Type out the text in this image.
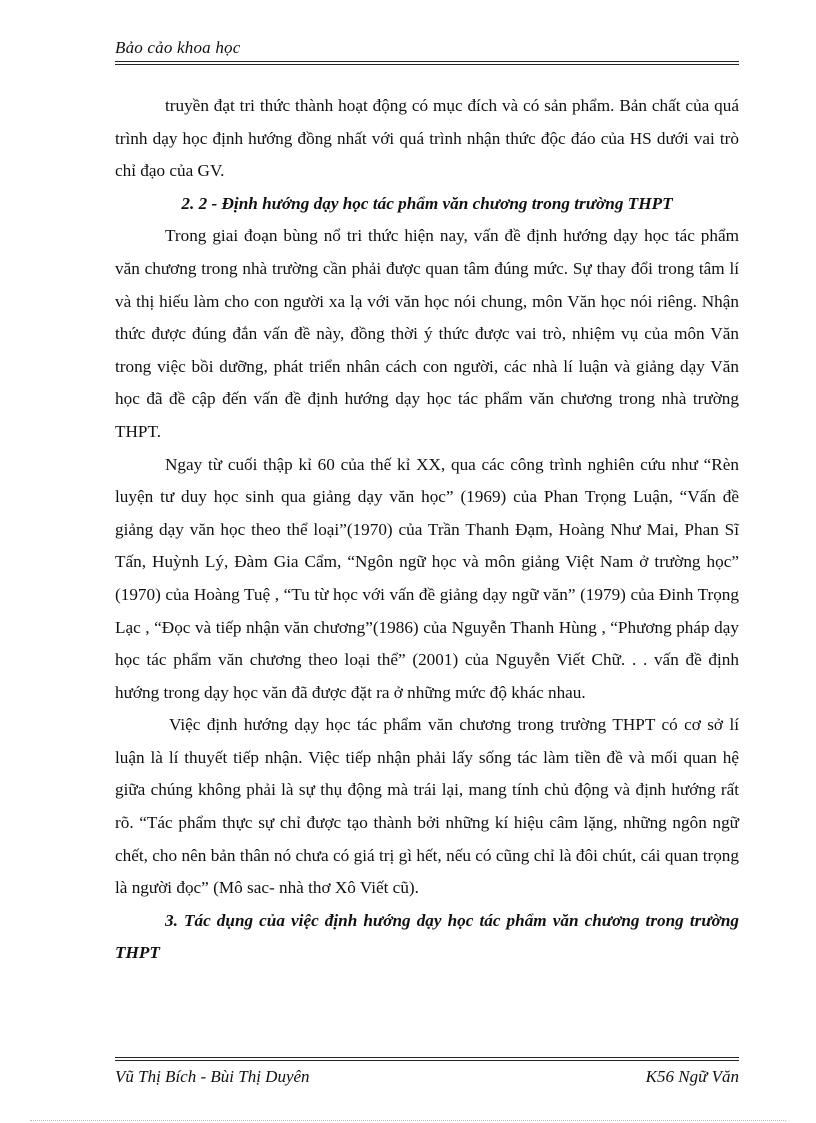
Bảo cảo khoa học

truyền đạt tri thức thành hoạt động có mục đích và có sản phẩm. Bản chất của quá trình dạy học định hướng đồng nhất với quá trình nhận thức độc đáo của HS dưới vai trò chỉ đạo của GV.

2. 2 - Định hướng dạy học tác phẩm văn chương trong trường THPT

Trong giai đoạn bùng nổ tri thức hiện nay, vấn đề định hướng dạy học tác phẩm văn chương trong nhà trường cần phải được quan tâm đúng mức. Sự thay đổi trong tâm lí và thị hiếu làm cho con người xa lạ với văn học nói chung, môn Văn học nói riêng. Nhận thức được đúng đắn vấn đề này, đồng thời ý thức được vai trò, nhiệm vụ của môn Văn trong việc bồi dưỡng, phát triển nhân cách con người, các nhà lí luận và giảng dạy Văn học đã đề cập đến vấn đề định hướng dạy học tác phẩm văn chương trong nhà trường THPT.

Ngay từ cuối thập kỉ 60 của thế kỉ XX, qua các công trình nghiên cứu như “Rèn luyện tư duy học sinh qua giảng dạy văn học” (1969) của Phan Trọng Luận, “Vấn đề giảng dạy văn học theo thể loại”(1970) của Trần Thanh Đạm, Hoàng Như Mai, Phan Sĩ Tấn, Huỳnh Lý, Đàm Gia Cẩm, “Ngôn ngữ học và môn giảng Việt Nam ở trường học” (1970) của Hoàng Tuệ , “Tu từ học với vấn đề giảng dạy ngữ văn” (1979) của Đinh Trọng Lạc , “Đọc và tiếp nhận văn chương”(1986) của Nguyễn Thanh Hùng , “Phương pháp dạy học tác phẩm văn chương theo loại thể” (2001) của Nguyễn Viết Chữ. . . vấn đề định hướng trong dạy học văn đã được đặt ra ở những mức độ khác nhau.

Việc định hướng dạy học tác phẩm văn chương trong trường THPT có cơ sở lí luận là lí thuyết tiếp nhận. Việc tiếp nhận phải lấy sống tác làm tiền đề và mối quan hệ giữa chúng không phải là sự thụ động mà trái lại, mang tính chủ động và định hướng rất rõ. “Tác phẩm thực sự chỉ được tạo thành bởi những kí hiệu câm lặng, những ngôn ngữ chết, cho nên bản thân nó chưa có giá trị gì hết, nếu có cũng chỉ là đôi chút, cái quan trọng là người đọc” (Mô sac- nhà thơ Xô Viết cũ).

3. Tác dụng của việc định hướng dạy học tác phẩm văn chương trong trường THPT

Vũ Thị Bích - Bùi Thị Duyên	K56 Ngữ Văn
